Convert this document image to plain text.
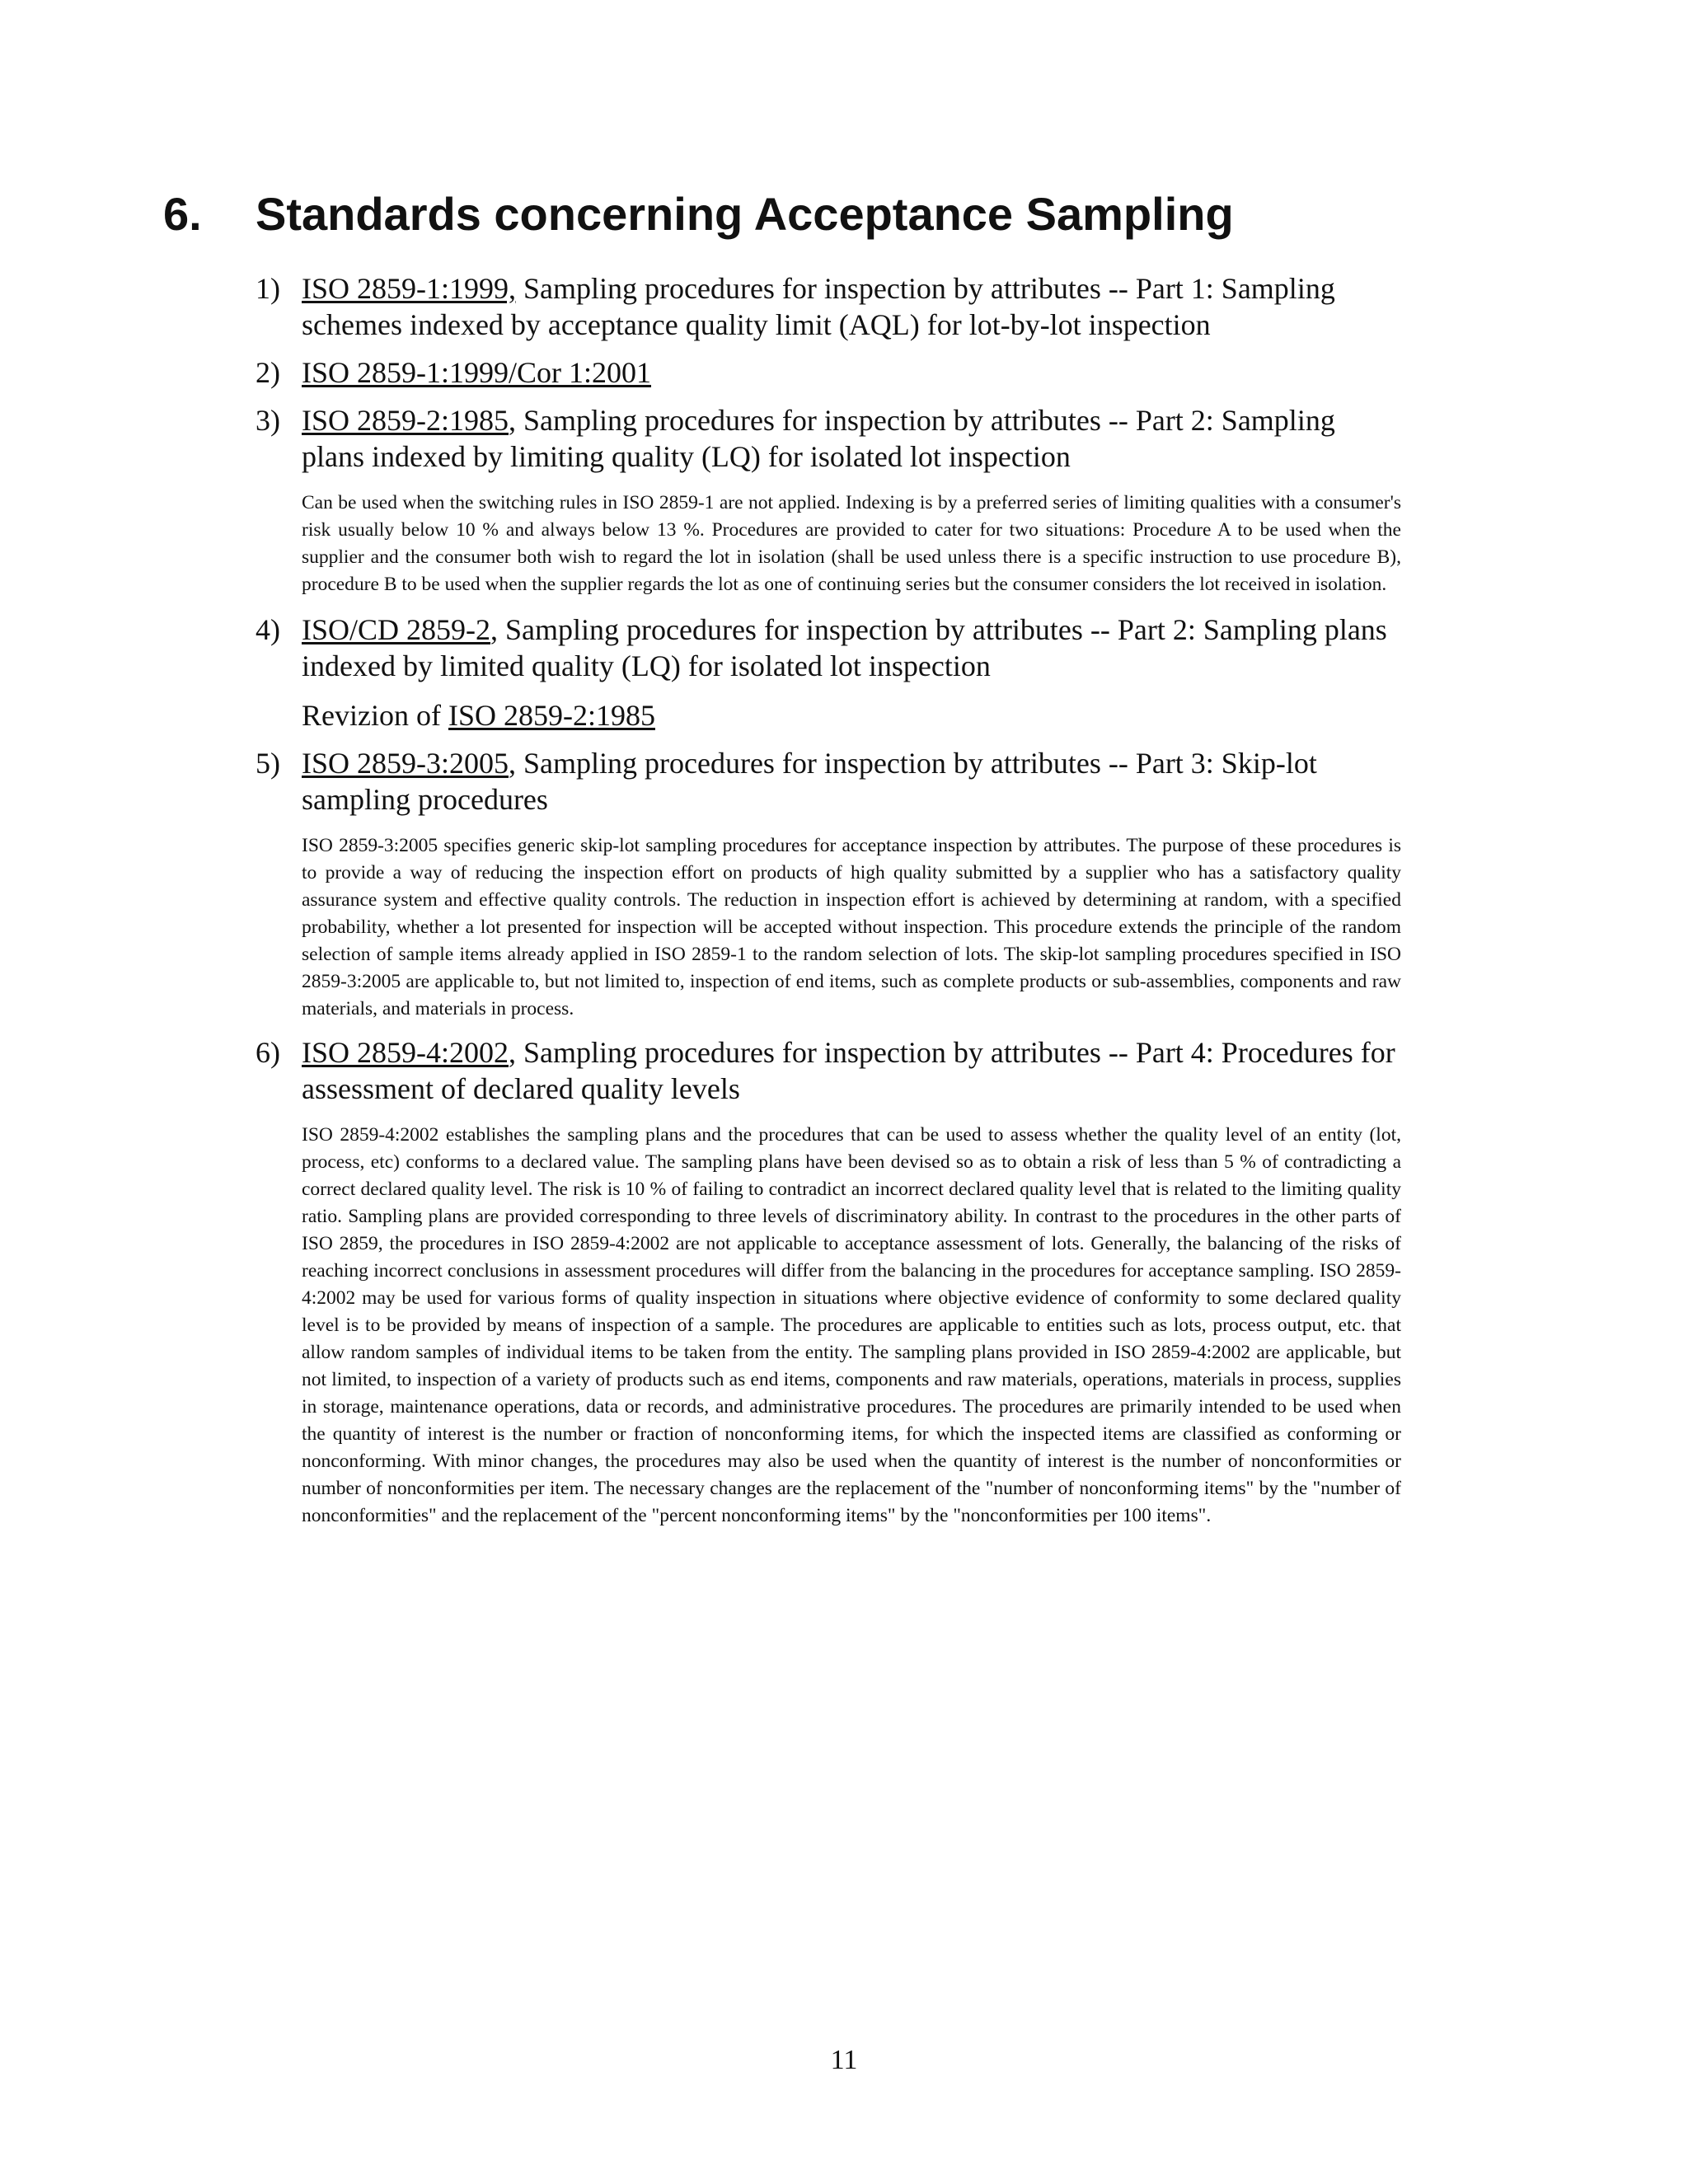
6. Standards concerning Acceptance Sampling
1) ISO 2859-1:1999, Sampling procedures for inspection by attributes -- Part 1: Sampling schemes indexed by acceptance quality limit (AQL) for lot-by-lot inspection
2) ISO 2859-1:1999/Cor 1:2001
3) ISO 2859-2:1985, Sampling procedures for inspection by attributes -- Part 2: Sampling plans indexed by limiting quality (LQ) for isolated lot inspection
Can be used when the switching rules in ISO 2859-1 are not applied. Indexing is by a preferred series of limiting qualities with a consumer's risk usually below 10 % and always below 13 %. Procedures are provided to cater for two situations: Procedure A to be used when the supplier and the consumer both wish to regard the lot in isolation (shall be used unless there is a specific instruction to use procedure B), procedure B to be used when the supplier regards the lot as one of continuing series but the consumer considers the lot received in isolation.
4) ISO/CD 2859-2, Sampling procedures for inspection by attributes -- Part 2: Sampling plans indexed by limited quality (LQ) for isolated lot inspection
Revizion of ISO 2859-2:1985
5) ISO 2859-3:2005, Sampling procedures for inspection by attributes -- Part 3: Skip-lot sampling procedures
ISO 2859-3:2005 specifies generic skip-lot sampling procedures for acceptance inspection by attributes. The purpose of these procedures is to provide a way of reducing the inspection effort on products of high quality submitted by a supplier who has a satisfactory quality assurance system and effective quality controls. The reduction in inspection effort is achieved by determining at random, with a specified probability, whether a lot presented for inspection will be accepted without inspection. This procedure extends the principle of the random selection of sample items already applied in ISO 2859-1 to the random selection of lots. The skip-lot sampling procedures specified in ISO 2859-3:2005 are applicable to, but not limited to, inspection of end items, such as complete products or sub-assemblies, components and raw materials, and materials in process.
6) ISO 2859-4:2002, Sampling procedures for inspection by attributes -- Part 4: Procedures for assessment of declared quality levels
ISO 2859-4:2002 establishes the sampling plans and the procedures that can be used to assess whether the quality level of an entity (lot, process, etc) conforms to a declared value. The sampling plans have been devised so as to obtain a risk of less than 5 % of contradicting a correct declared quality level. The risk is 10 % of failing to contradict an incorrect declared quality level that is related to the limiting quality ratio. Sampling plans are provided corresponding to three levels of discriminatory ability. In contrast to the procedures in the other parts of ISO 2859, the procedures in ISO 2859-4:2002 are not applicable to acceptance assessment of lots. Generally, the balancing of the risks of reaching incorrect conclusions in assessment procedures will differ from the balancing in the procedures for acceptance sampling. ISO 2859-4:2002 may be used for various forms of quality inspection in situations where objective evidence of conformity to some declared quality level is to be provided by means of inspection of a sample. The procedures are applicable to entities such as lots, process output, etc. that allow random samples of individual items to be taken from the entity. The sampling plans provided in ISO 2859-4:2002 are applicable, but not limited, to inspection of a variety of products such as end items, components and raw materials, operations, materials in process, supplies in storage, maintenance operations, data or records, and administrative procedures. The procedures are primarily intended to be used when the quantity of interest is the number or fraction of nonconforming items, for which the inspected items are classified as conforming or nonconforming. With minor changes, the procedures may also be used when the quantity of interest is the number of nonconformities or number of nonconformities per item. The necessary changes are the replacement of the "number of nonconforming items" by the "number of nonconformities" and the replacement of the "percent nonconforming items" by the "nonconformities per 100 items".
11
